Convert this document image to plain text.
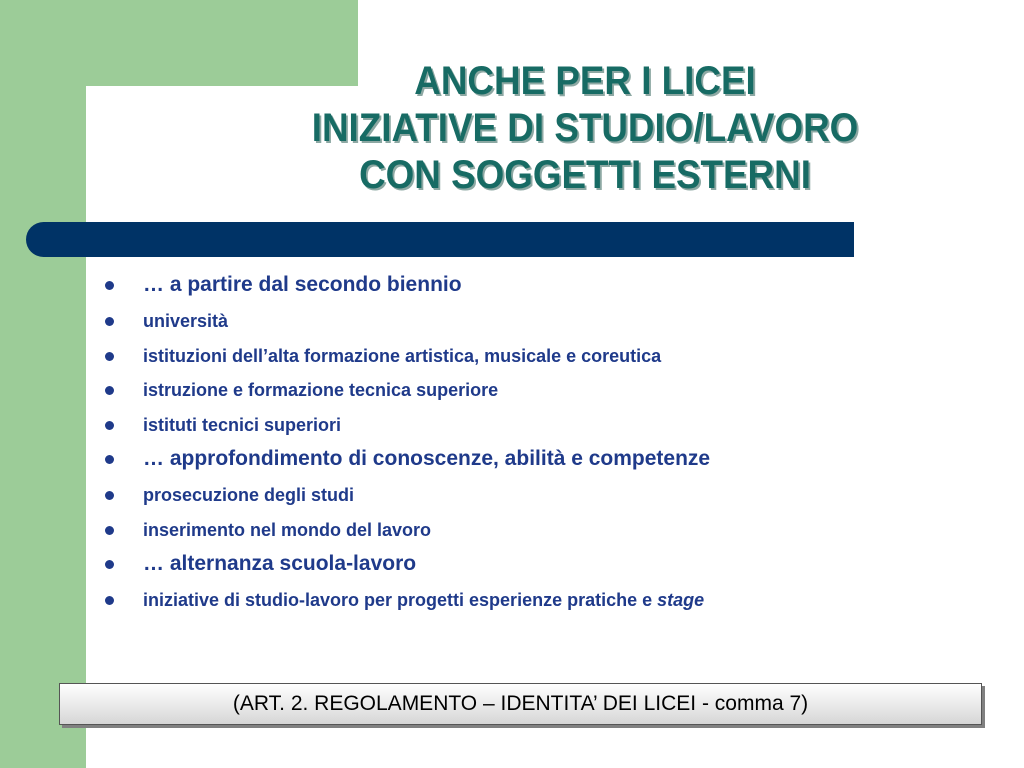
ANCHE PER I LICEI
INIZIATIVE DI STUDIO/LAVORO
CON SOGGETTI ESTERNI
… a partire dal secondo biennio
università
istituzioni dell’alta formazione artistica, musicale e coreutica
istruzione e formazione tecnica superiore
istituti tecnici superiori
… approfondimento di conoscenze, abilità e competenze
prosecuzione degli studi
inserimento nel mondo del lavoro
… alternanza scuola-lavoro
iniziative di studio-lavoro per progetti esperienze pratiche e stage
(ART. 2. REGOLAMENTO – IDENTITA’ DEI LICEI - comma 7)
